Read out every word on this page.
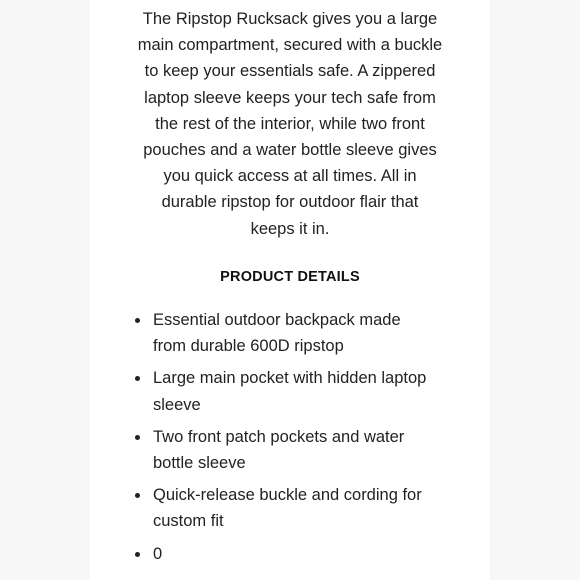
The Ripstop Rucksack gives you a large
main compartment, secured with a buckle
to keep your essentials safe. A zippered
laptop sleeve keeps your tech safe from
the rest of the interior, while two front
pouches and a water bottle sleeve gives
you quick access at all times. All in
durable ripstop for outdoor flair that
keeps it in.

PRODUCT DETAILS
Essential outdoor backpack made
from durable 600D ripstop
Large main pocket with hidden laptop
sleeve
Two front patch pockets and water
bottle sleeve
Quick-release buckle and cording for
custom fit
0
